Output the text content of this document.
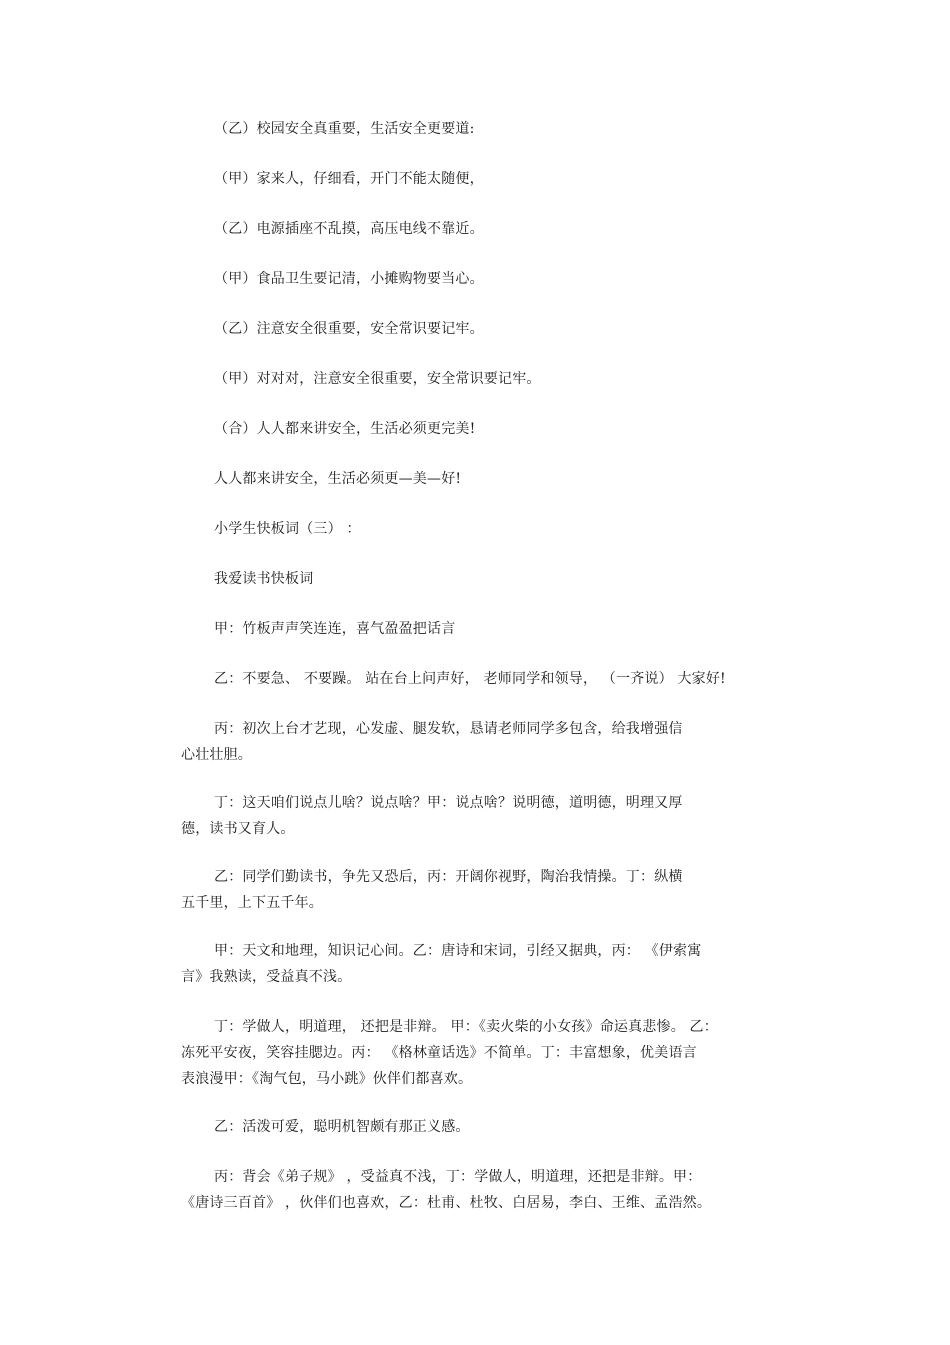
（乙）校园安全真重要，生活安全更要道:
（甲）家来人，仔细看，开门不能太随便，
（乙）电源插座不乱摸，高压电线不靠近。
（甲）食品卫生要记清，小摊购物要当心。
（乙）注意安全很重要，安全常识要记牢。
（甲）对对对，注意安全很重要，安全常识要记牢。
（合）人人都来讲安全，生活必须更完美!
人人都来讲安全，生活必须更—美—好!
小学生快板词（三） ：
我爱读书快板词
甲：竹板声声笑连连，喜气盈盈把话言
乙：不要急、 不要躁。 站在台上问声好， 老师同学和领导， （一齐说） 大家好!
丙：初次上台才艺现，心发虚、腿发软，恳请老师同学多包含，给我增强信
心壮壮胆。
丁：这天咱们说点儿啥？说点啥？甲：说点啥？说明德，道明德，明理又厚
德，读书又育人。
乙：同学们勤读书，争先又恐后，丙：开阔你视野，陶治我情操。丁：纵横
五千里，上下五千年。
甲：天文和地理，知识记心间。乙：唐诗和宋词，引经又据典，丙： 《伊索寓
言》我熟读，受益真不浅。
丁：学做人，明道理， 还把是非辩。 甲：《卖火柴的小女孩》命运真悲惨。 乙：
冻死平安夜，笑容挂腮边。丙： 《格林童话选》不简单。丁：丰富想象，优美语言
表浪漫甲：《淘气包，马小跳》伙伴们都喜欢。
乙：活泼可爱，聪明机智颇有那正义感。
丙：背会《弟子规》 ，受益真不浅，丁：学做人，明道理，还把是非辩。甲：
《唐诗三百首》 ，伙伴们也喜欢，乙：杜甫、杜牧、白居易，李白、王维、孟浩然。
